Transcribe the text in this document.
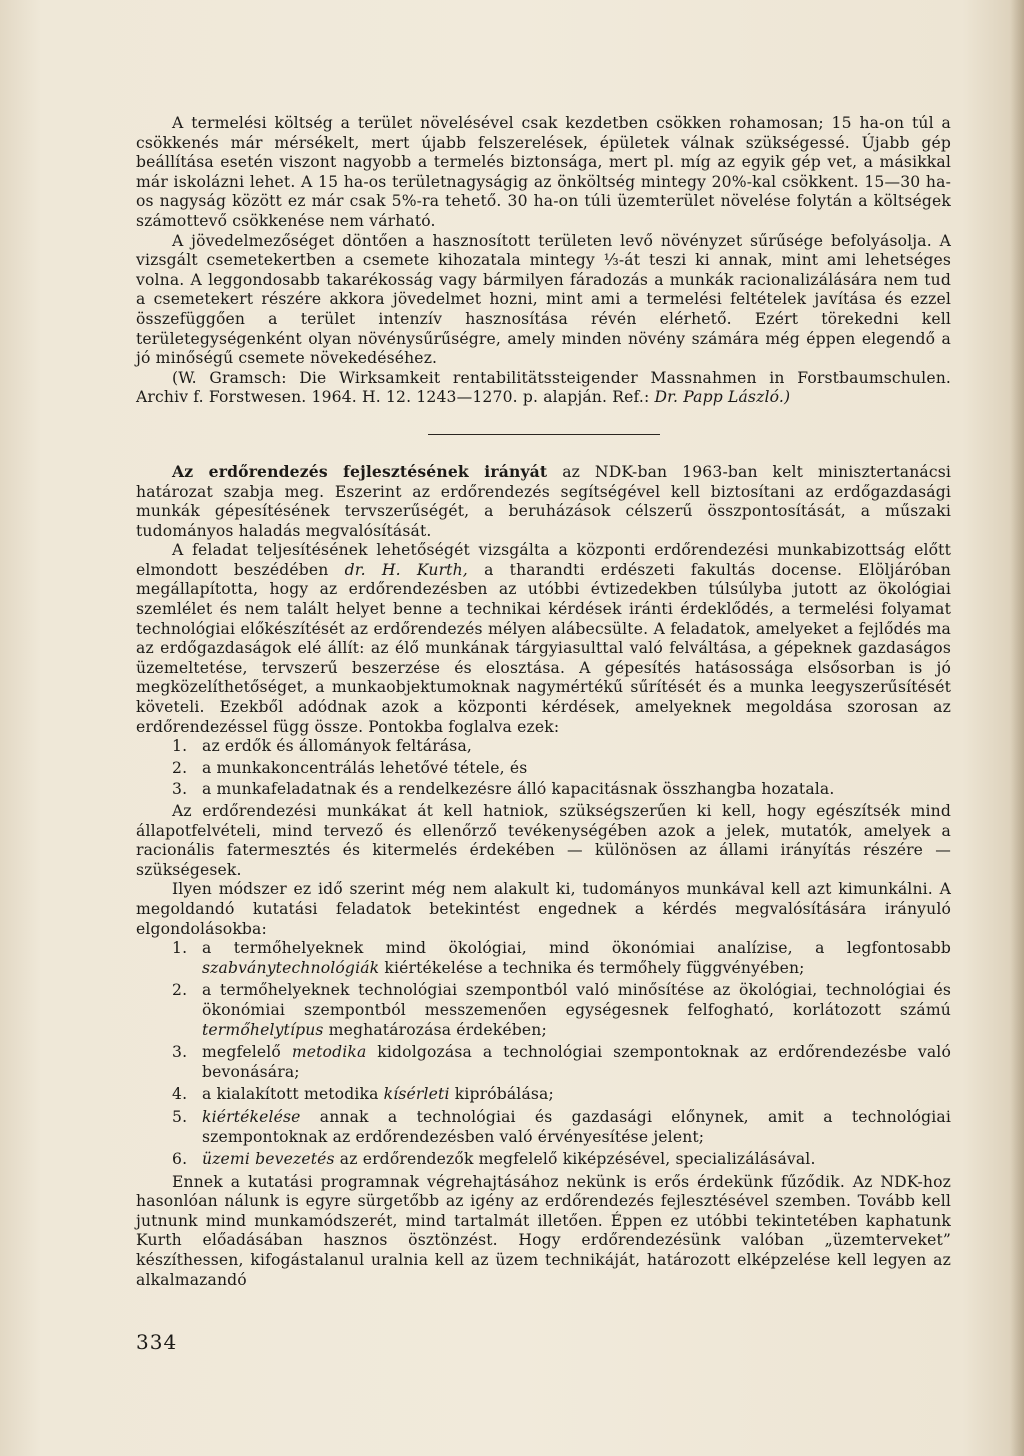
A termelési költség a terület növelésével csak kezdetben csökken rohamosan; 15 ha-on túl a csökkenés már mérsékelt, mert újabb felszerelések, épületek válnak szükségessé. Újabb gép beállítása esetén viszont nagyobb a termelés biztonsága, mert pl. míg az egyik gép vet, a másikkal már iskolázni lehet. A 15 ha-os területnagyságig az önköltség mintegy 20%-kal csökkent. 15—30 ha-os nagyság között ez már csak 5%-ra tehető. 30 ha-on túli üzemterület növelése folytán a költségek számottevő csökkenése nem várható.

A jövedelmezőséget döntően a hasznosított területen levő növényzet sűrűsége befolyásolja. A vizsgált csemetekertben a csemete kihozatala mintegy ⅓-át teszi ki annak, mint ami lehetséges volna. A leggondosabb takarékosság vagy bármilyen fáradozás a munkák racionalizálására nem tud a csemetekert részére akkora jövedelmet hozni, mint ami a termelési feltételek javítása és ezzel összefüggően a terület intenzív hasznosítása révén elérhető. Ezért törekedni kell területegységenként olyan növénysűrűségre, amely minden növény számára még éppen elegendő a jó minőségű csemete növekedéséhez.

(W. Gramsch: Die Wirksamkeit rentabilitätssteigender Massnahmen in Forstbaumschulen. Archiv f. Forstwesen. 1964. H. 12. 1243—1270. p. alapján. Ref.: Dr. Papp László.)

Az erdőrendezés fejlesztésének irányát az NDK-ban 1963-ban kelt minisztertanácsi határozat szabja meg. Eszerint az erdőrendezés segítségével kell biztosítani az erdőgazdasági munkák gépesítésének tervszerűségét, a beruházások célszerű összpontosítását, a műszaki tudományos haladás megvalósítását.

A feladat teljesítésének lehetőségét vizsgálta a központi erdőrendezési munkabizottság előtt elmondott beszédében dr. H. Kurth, a tharandti erdészeti fakultás docense. Elöljáróban megállapította, hogy az erdőrendezésben az utóbbi évtizedekben túlsúlyba jutott az ökológiai szemlélet és nem talált helyet benne a technikai kérdések iránti érdeklődés, a termelési folyamat technológiai előkészítését az erdőrendezés mélyen alábecsülte. A feladatok, amelyeket a fejlődés ma az erdőgazdaságok elé állít: az élő munkának tárgyiasulttal való felváltása, a gépeknek gazdaságos üzemeltetése, tervszerű beszerzése és elosztása. A gépesítés hatásossága elsősorban is jó megközelíthetőséget, a munkaobjektumoknak nagymértékű sűrítését és a munka leegyszerűsítését követeli. Ezekből adódnak azok a központi kérdések, amelyeknek megoldása szorosan az erdőrendezéssel függ össze. Pontokba foglalva ezek:

1. az erdők és állományok feltárása,
2. a munkakoncentrálás lehetővé tétele, és
3. a munkafeladatnak és a rendelkezésre álló kapacitásnak összhangba hozatala.

Az erdőrendezési munkákat át kell hatniok, szükségszerűen ki kell, hogy egészítsék mind állapotfelvételi, mind tervező és ellenőrző tevékenységében azok a jelek, mutatók, amelyek a racionális fatermesztés és kitermelés érdekében — különösen az állami irányítás részére — szükségesek.

Ilyen módszer ez idő szerint még nem alakult ki, tudományos munkával kell azt kimunkálni. A megoldandó kutatási feladatok betekintést engednek a kérdés megvalósítására irányuló elgondolásokba:

1. a termőhelyeknek mind ökológiai, mind ökonómiai analízise, a legfontosabb szabványtechnológiák kiértékelése a technika és termőhely függvényében;
2. a termőhelyeknek technológiai szempontból való minősítése az ökológiai, technológiai és ökonómiai szempontból messzemenően egységesnek felfogható, korlátozott számú termőhelytípus meghatározása érdekében;
3. megfelelő metodika kidolgozása a technológiai szempontoknak az erdőrendezésbe való bevonására;
4. a kialakított metodika kísérleti kipróbálása;
5. kiértékelése annak a technológiai és gazdasági előnynek, amit a technológiai szempontoknak az erdőrendezésben való érvényesítése jelent;
6. üzemi bevezetés az erdőrendezők megfelelő kiképzésével, specializálásával.

Ennek a kutatási programnak végrehajtásához nekünk is erős érdekünk fűződik. Az NDK-hoz hasonlóan nálunk is egyre sürgetőbb az igény az erdőrendezés fejlesztésével szemben. Tovább kell jutnunk mind munkamódszerét, mind tartalmát illetően. Éppen ez utóbbi tekintetében kaphatunk Kurth előadásában hasznos ösztönzést. Hogy erdőrendezésünk valóban „üzemterveket” készíthessen, kifogástalanul uralnia kell az üzem technikáját, határozott elképzelése kell legyen az alkalmazandó

334
